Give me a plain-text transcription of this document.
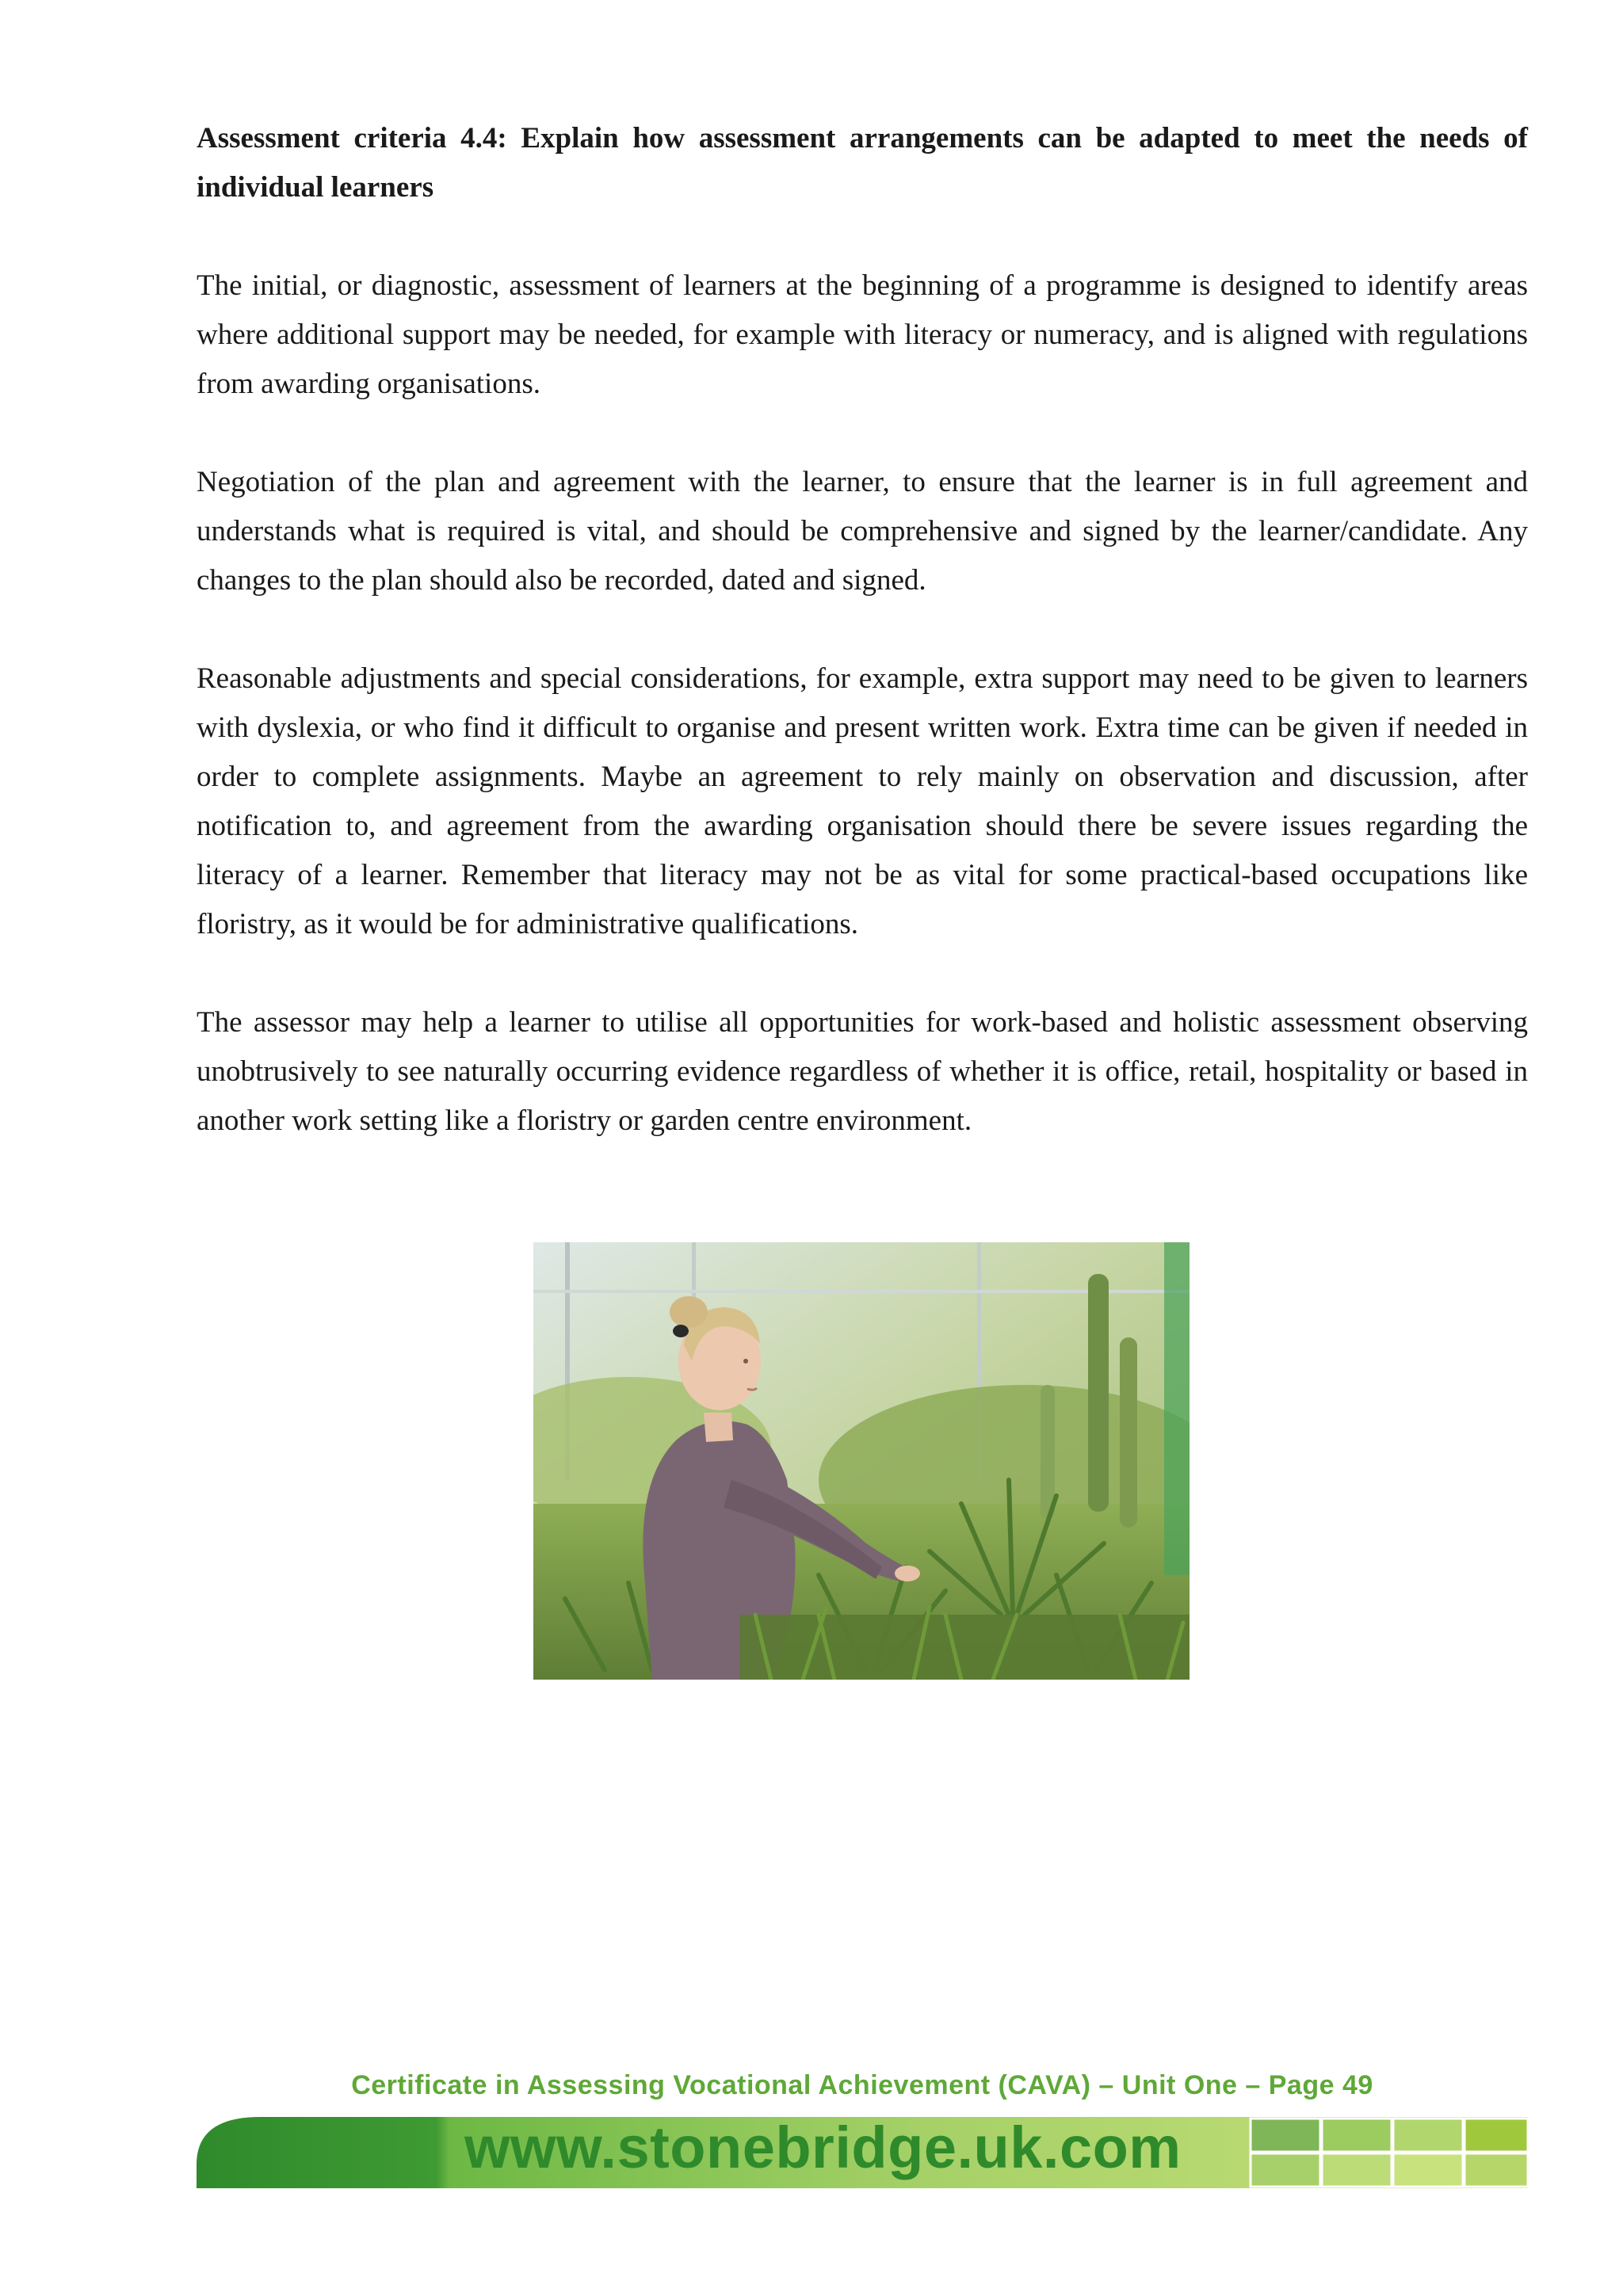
Assessment criteria 4.4: Explain how assessment arrangements can be adapted to meet the needs of individual learners

The initial, or diagnostic, assessment of learners at the beginning of a programme is designed to identify areas where additional support may be needed, for example with literacy or numeracy, and is aligned with regulations from awarding organisations.

Negotiation of the plan and agreement with the learner, to ensure that the learner is in full agreement and understands what is required is vital, and should be comprehensive and signed by the learner/candidate. Any changes to the plan should also be recorded, dated and signed.

Reasonable adjustments and special considerations, for example, extra support may need to be given to learners with dyslexia, or who find it difficult to organise and present written work. Extra time can be given if needed in order to complete assignments. Maybe an agreement to rely mainly on observation and discussion, after notification to, and agreement from the awarding organisation should there be severe issues regarding the literacy of a learner. Remember that literacy may not be as vital for some practical-based occupations like floristry, as it would be for administrative qualifications.

The assessor may help a learner to utilise all opportunities for work-based and holistic assessment observing unobtrusively to see naturally occurring evidence regardless of whether it is office, retail, hospitality or based in another work setting like a floristry or garden centre environment.

Certificate in Assessing Vocational Achievement (CAVA) – Unit One – Page 49
www.stonebridge.uk.com
